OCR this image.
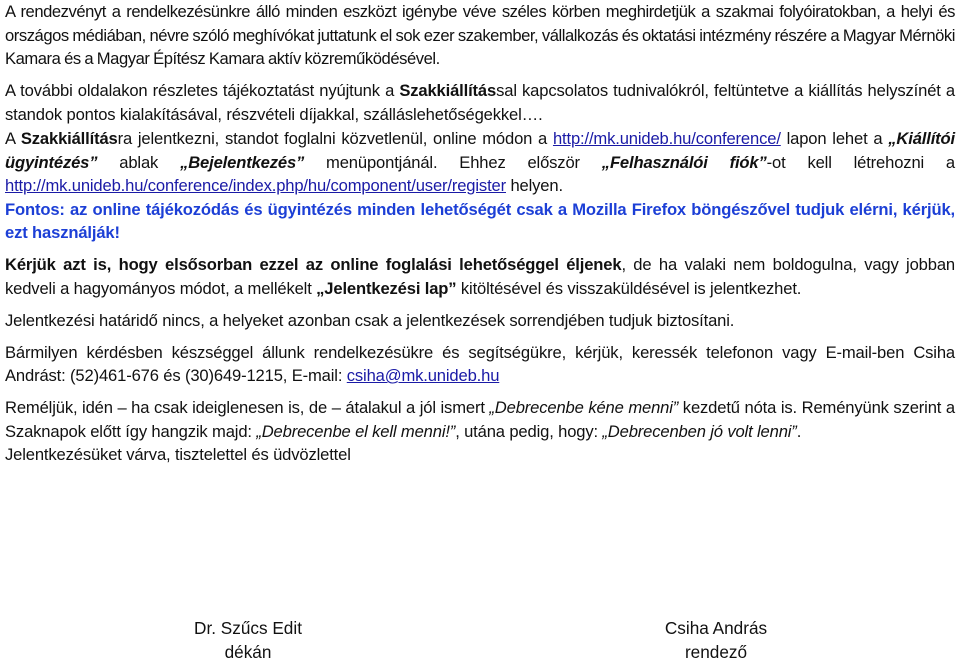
A rendezvényt a rendelkezésünkre álló minden eszközt igénybe véve széles körben meghirdetjük a szakmai folyóiratokban, a helyi és országos médiában, névre szóló meghívókat juttatunk el sok ezer szakember, vállalkozás és oktatási intézmény részére a Magyar Mérnöki Kamara és a Magyar Építész Kamara aktív közreműködésével.

A további oldalakon részletes tájékoztatást nyújtunk a Szakkiállítással kapcsolatos tudnivalókról, feltüntetve a kiállítás helyszínét a standok pontos kialakításával, részvételi díjakkal, szálláslehetőségekkel….

A Szakkiállításra jelentkezni, standot foglalni közvetlenül, online módon a http://mk.unideb.hu/conference/ lapon lehet a „Kiállítói ügyintézés” ablak „Bejelentkezés” menüpontjánál. Ehhez először „Felhasználói fiók”-ot kell létrehozni a http://mk.unideb.hu/conference/index.php/hu/component/user/register helyen.

Fontos: az online tájékozódás és ügyintézés minden lehetőségét csak a Mozilla Firefox böngészővel tudjuk elérni, kérjük, ezt használják!

Kérjük azt is, hogy elsősorban ezzel az online foglalási lehetőséggel éljenek, de ha valaki nem boldogulna, vagy jobban kedveli a hagyományos módot, a mellékelt „Jelentkezési lap” kitöltésével és visszaküldésével is jelentkezhet.

Jelentkezési határidő nincs, a helyeket azonban csak a jelentkezések sorrendjében tudjuk biztosítani.

Bármilyen kérdésben készséggel állunk rendelkezésükre és segítségükre, kérjük, keressék telefonon vagy E-mail-ben Csiha Andrást: (52)461-676 és (30)649-1215, E-mail: csiha@mk.unideb.hu

Reméljük, idén – ha csak ideiglenesen is, de – átalakul a jól ismert „Debrecenbe kéne menni” kezdetű nóta is. Reményünk szerint a Szaknapok előtt így hangzik majd: „Debrecenbe el kell menni!”, utána pedig, hogy: „Debrecenben jó volt lenni”.

Jelentkezésüket várva, tisztelettel és üdvözlettel

Dr. Szűcs Edit
dékán
Csiha András
rendező
